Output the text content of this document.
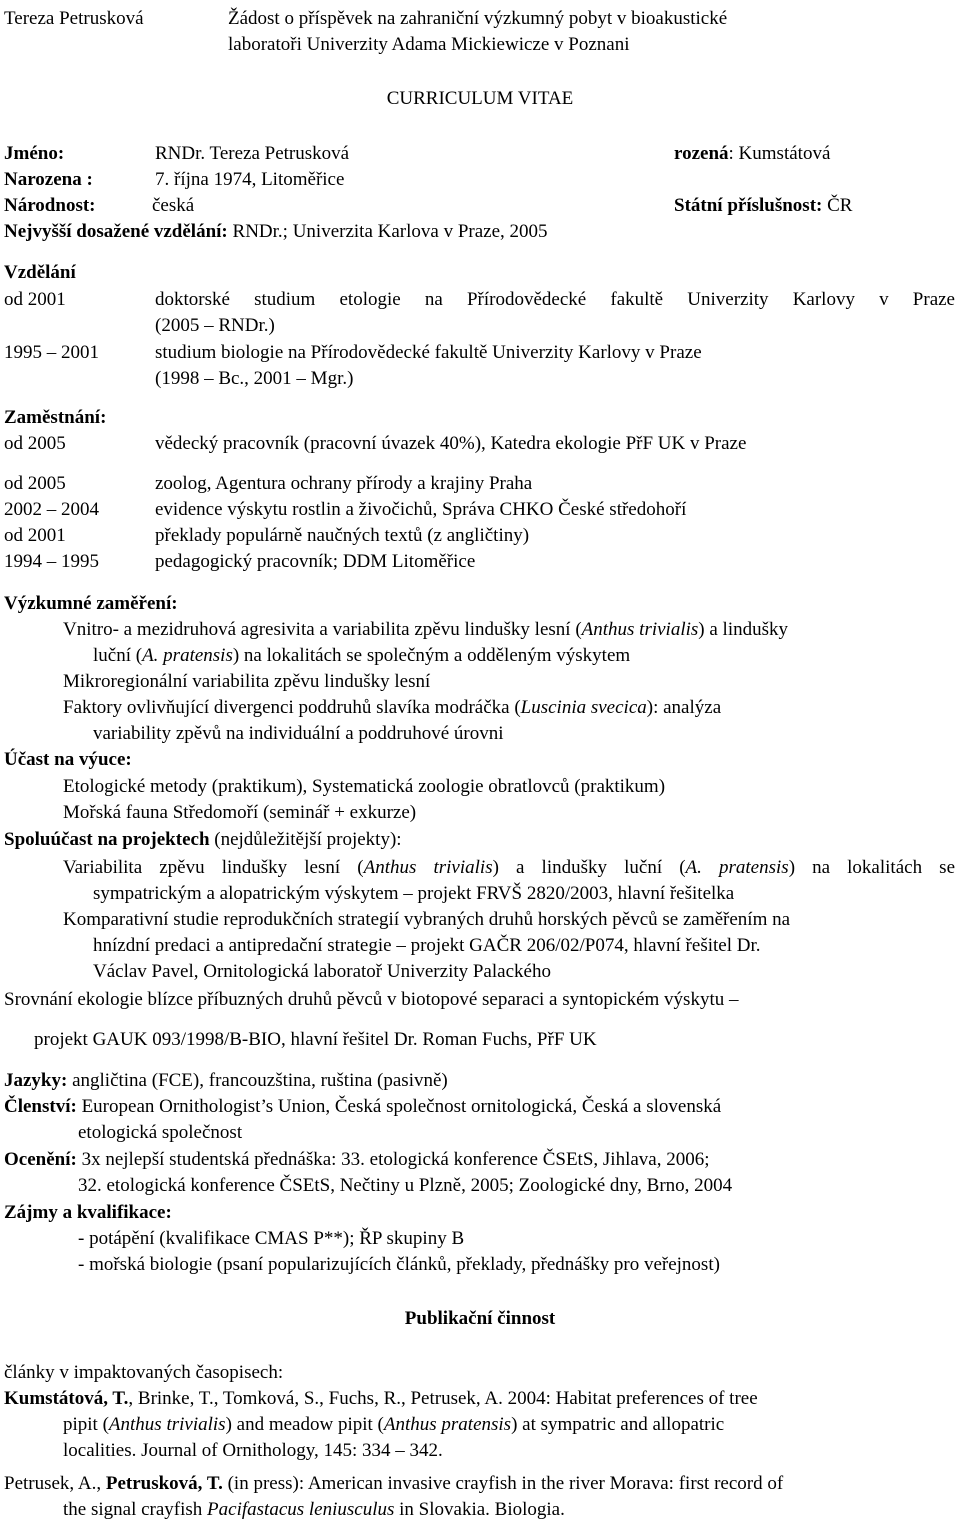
Tereza Petrusková	Žádost o příspěvek na zahraniční výzkumný pobyt v bioakustické
laboratoři Univerzity Adama Mickiewicze v Poznani
CURRICULUM VITAE
Jméno:	RNDr. Tereza Petrusková	rozená: Kumstátová
Narozena :	7. října 1974, Litoměřice
Národnost:	česká	Státní příslušnost: ČR
Nejvyšší dosažené vzdělání: RNDr.; Univerzita Karlova v Praze, 2005
Vzdělání
od 2001	doktorské studium etologie na Přírodovědecké fakultě Univerzity Karlovy v Praze
(2005 – RNDr.)
1995 – 2001	studium biologie na Přírodovědecké fakultě Univerzity Karlovy v Praze
(1998 – Bc., 2001 – Mgr.)
Zaměstnání:
od 2005	vědecký pracovník (pracovní úvazek 40%), Katedra ekologie PřF UK v Praze
od 2005	zoolog, Agentura ochrany přírody a krajiny Praha
2002 – 2004	evidence výskytu rostlin a živočichů, Správa CHKO České středohoří
od 2001	překlady populárně naučných textů (z angličtiny)
1994 – 1995	pedagogický pracovník; DDM Litoměřice
Výzkumné zaměření:
Vnitro- a mezidruhová agresivita a variabilita zpěvu lindušky lesní (Anthus trivialis) a lindušky
luční (A. pratensis) na lokalitách se společným a odděleným výskytem
Mikroregionální variabilita zpěvu lindušky lesní
Faktory ovlivňující divergenci poddruhů slavíka modráčka (Luscinia svecica): analýza
variability zpěvů na individuální a poddruhové úrovni
Účast na výuce:
Etologické metody (praktikum), Systematická zoologie obratlovců (praktikum)
Mořská fauna Středomoří (seminář + exkurze)
Spoluúčast na projektech (nejdůležitější projekty):
Variabilita zpěvu lindušky lesní (Anthus trivialis) a lindušky luční (A. pratensis) na lokalitách se
sympatrickým a alopatrickým výskytem – projekt FRVŠ 2820/2003, hlavní řešitelka
Komparativní studie reprodukčních strategií vybraných druhů horských pěvců se zaměřením na
hnízdní predaci a antipredační strategie – projekt GAČR 206/02/P074, hlavní řešitel Dr.
Václav Pavel, Ornitologická laboratoř Univerzity Palackého
Srovnání ekologie blízce příbuzných druhů pěvců v biotopové separaci a syntopickém výskytu –
projekt GAUK 093/1998/B-BIO, hlavní řešitel Dr. Roman Fuchs, PřF UK
Jazyky: angličtina (FCE), francouzština, ruština (pasivně)
Členství: European Ornithologist’s Union, Česká společnost ornitologická, Česká a slovenská
etologická společnost
Ocenění: 3x nejlepší studentská přednáška: 33. etologická konference ČSEtS, Jihlava, 2006;
32. etologická konference ČSEtS, Nečtiny u Plzně, 2005; Zoologické dny, Brno, 2004
Zájmy a kvalifikace:
- potápění (kvalifikace CMAS P**); ŘP skupiny B
- mořská biologie (psaní popularizujících článků, překlady, přednášky pro veřejnost)
Publikační činnost
články v impaktovaných časopisech:
Kumstátová, T., Brinke, T., Tomková, S., Fuchs, R., Petrusek, A. 2004: Habitat preferences of tree
pipit (Anthus trivialis) and meadow pipit (Anthus pratensis) at sympatric and allopatric
localities. Journal of Ornithology, 145: 334 – 342.
Petrusek, A., Petrusková, T. (in press): American invasive crayfish in the river Morava: first record of
the signal crayfish Pacifastacus leniusculus in Slovakia. Biologia.
